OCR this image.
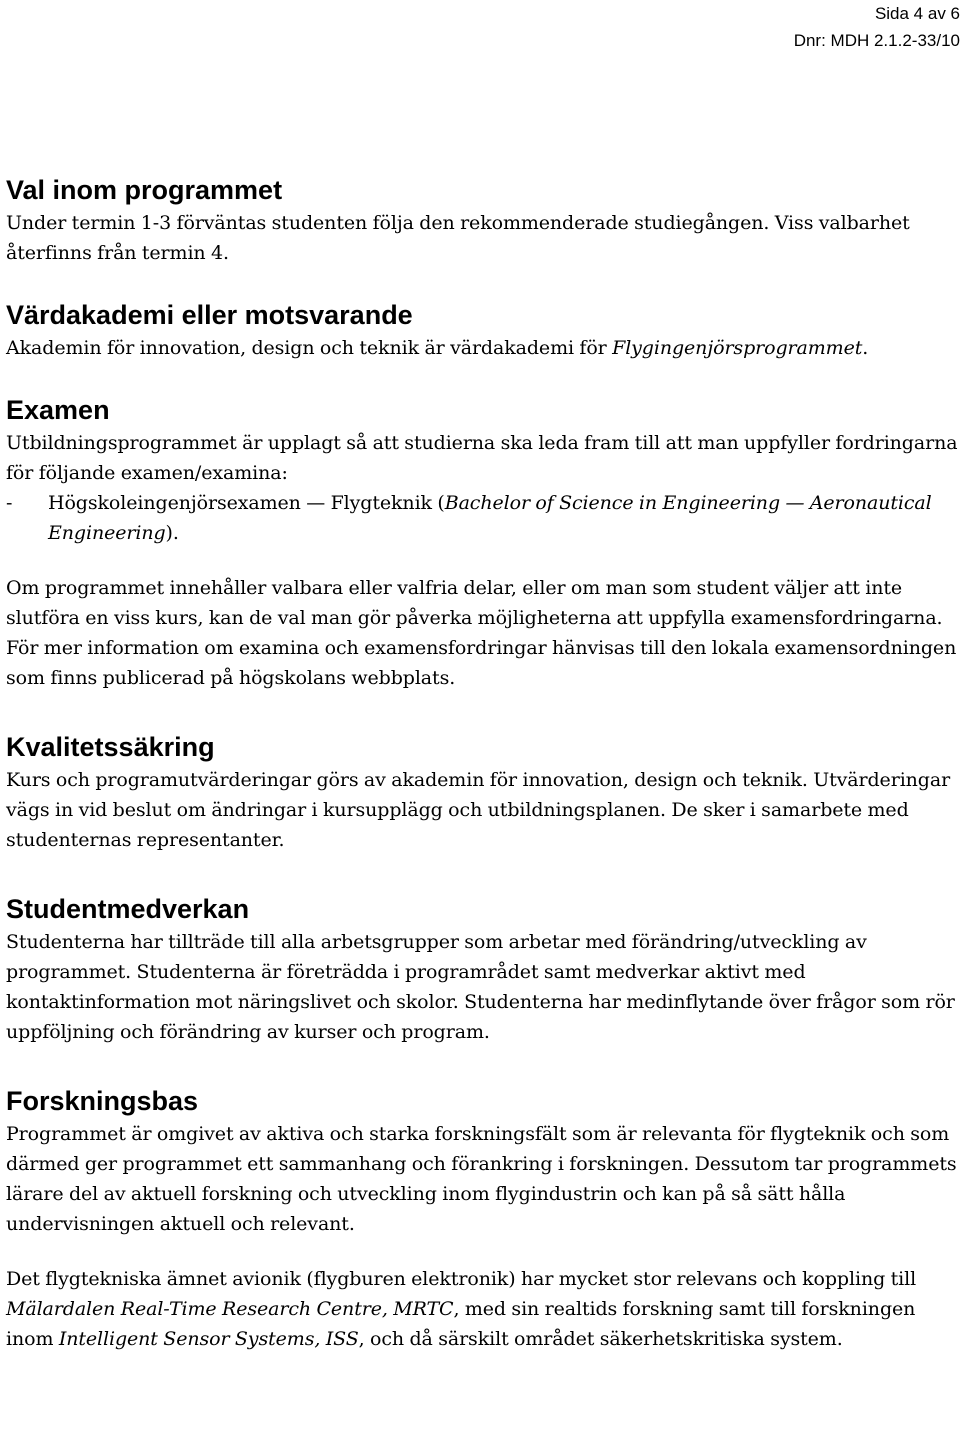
Sida 4 av 6
Dnr: MDH 2.1.2-33/10
Val inom programmet

Under termin 1-3 förväntas studenten följa den rekommenderade studiegången. Viss valbarhet återfinns från termin 4.

Värdakademi eller motsvarande

Akademin för innovation, design och teknik är värdakademi för Flygingenjörsprogrammet.

Examen

Utbildningsprogrammet är upplagt så att studierna ska leda fram till att man uppfyller fordringarna för följande examen/examina:

-	Högskoleingenjörsexamen — Flygteknik (Bachelor of Science in Engineering — Aeronautical Engineering).

Om programmet innehåller valbara eller valfria delar, eller om man som student väljer att inte slutföra en viss kurs, kan de val man gör påverka möjligheterna att uppfylla examensfordringarna. För mer information om examina och examensfordringar hänvisas till den lokala examensordningen som finns publicerad på högskolans webbplats.

Kvalitetssäkring

Kurs och programutvärderingar görs av akademin för innovation, design och teknik. Utvärderingar vägs in vid beslut om ändringar i kursupplägg och utbildningsplanen. De sker i samarbete med studenternas representanter.

Studentmedverkan

Studenterna har tillträde till alla arbetsgrupper som arbetar med förändring/utveckling av programmet. Studenterna är företrädda i programrådet samt medverkar aktivt med kontaktinformation mot näringslivet och skolor. Studenterna har medinflytande över frågor som rör uppföljning och förändring av kurser och program.

Forskningsbas

Programmet är omgivet av aktiva och starka forskningsfält som är relevanta för flygteknik och som därmed ger programmet ett sammanhang och förankring i forskningen. Dessutom tar programmets lärare del av aktuell forskning och utveckling inom flygindustrin och kan på så sätt hålla undervisningen aktuell och relevant.

Det flygtekniska ämnet avionik (flygburen elektronik) har mycket stor relevans och koppling till Mälardalen Real-Time Research Centre, MRTC, med sin realtids forskning samt till forskningen inom Intelligent Sensor Systems, ISS, och då särskilt området säkerhetskritiska system.
